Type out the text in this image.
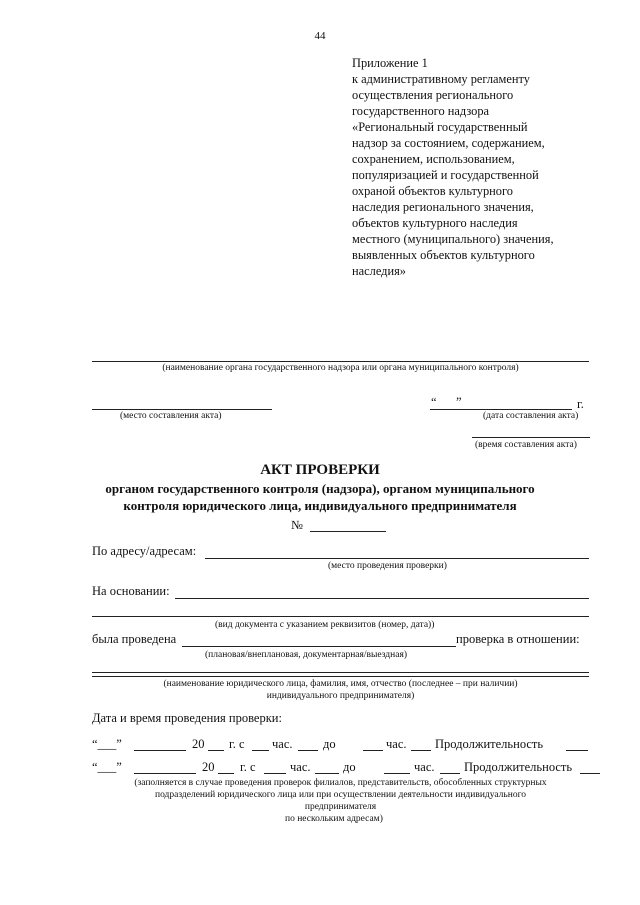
44
Приложение 1
к административному регламенту
осуществления регионального
государственного надзора
«Региональный государственный
надзор за состоянием, содержанием,
сохранением, использованием,
популяризацией и государственной
охраной объектов культурного
наследия регионального значения,
объектов культурного наследия
местного (муниципального) значения,
выявленных объектов культурного
наследия»
(наименование органа государственного надзора или органа муниципального контроля)
(место составления акта)
“ ”	г.
(дата составления акта)
(время составления акта)
АКТ ПРОВЕРКИ
органом государственного контроля (надзора), органом муниципального
контроля юридического лица, индивидуального предпринимателя
№
По адресу/адресам:
(место проведения проверки)
На основании:
(вид документа с указанием реквизитов (номер, дата))
была проведена	проверка в отношении:
(плановая/внеплановая, документарная/выездная)
(наименование юридического лица, фамилия, имя, отчество (последнее – при наличии)
индивидуального предпринимателя)
Дата и время проведения проверки:
“___”	20 г. с час. до	час. Продолжительность
“___”	20 г. с	час.	до	час. Продолжительность
(заполняется в случае проведения проверок филиалов, представительств, обособленных структурных
подразделений юридического лица или при осуществлении деятельности индивидуального
предпринимателя
по нескольким адресам)
